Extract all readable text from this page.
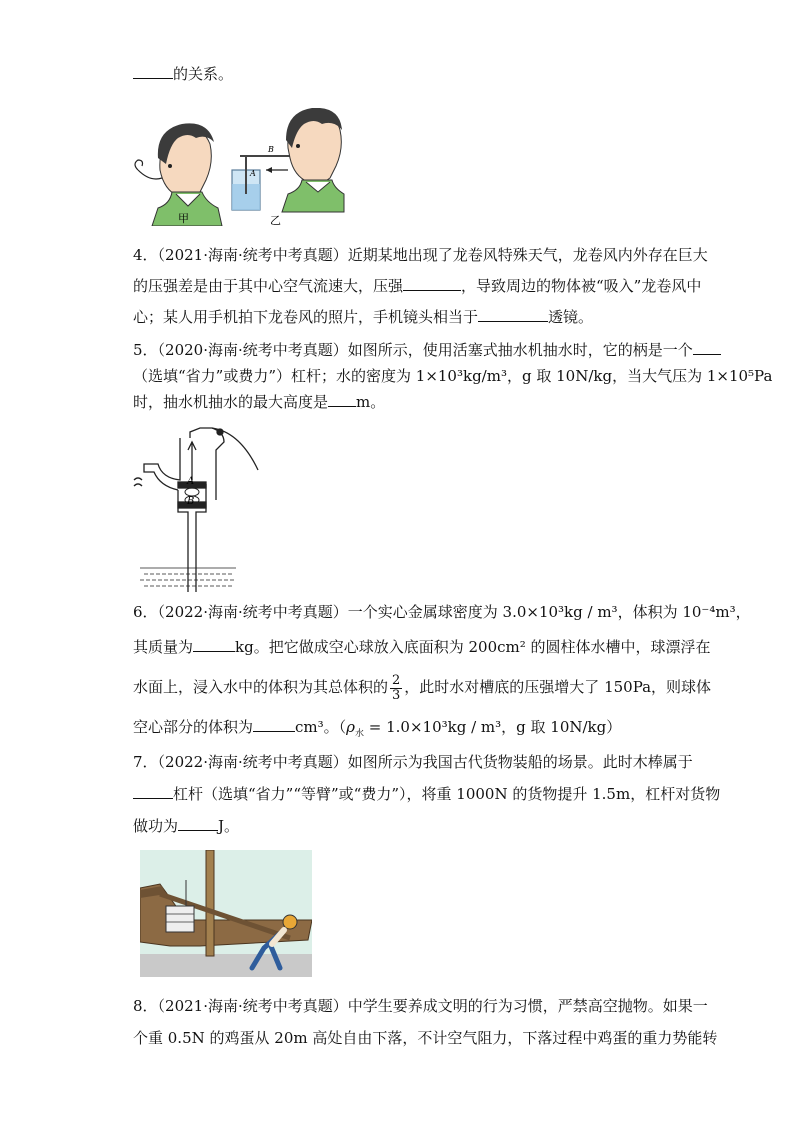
的关系。
A
B
甲	乙
4．（2021·海南·统考中考真题）近期某地出现了龙卷风特殊天气，龙卷风内外存在巨大
的压强差是由于其中心空气流速大，压强	，导致周边的物体被“吸入”龙卷风中
心；某人用手机拍下龙卷风的照片，手机镜头相当于	透镜。
5．（2020·海南·统考中考真题）如图所示，使用活塞式抽水机抽水时，它的柄是一个
（选填“省力”或费力”）杠杆；水的密度为 1×10³kg/m³，g 取 10N/kg，当大气压为 1×10⁵Pa
时，抽水机抽水的最大高度是 m。
A
B
6．（2022·海南·统考中考真题）一个实心金属球密度为 3.0×10³kg / m³，体积为 10⁻⁴m³，
其质量为	kg。把它做成空心球放入底面积为 200cm² 的圆柱体水槽中，球漂浮在
水面上，浸入水中的体积为其总体积的 $\frac{2}{3}$ ，此时水对槽底的压强增大了 150Pa，则球体
空心部分的体积为	cm³。（$\rho_水 = 1.0\times 10^3kg / m^3$，g 取 10N/kg）
7．（2022·海南·统考中考真题）如图所示为我国古代货物装船的场景。此时木棒属于
杠杆（选填“省力”“等臂”或“费力”），将重 1000N 的货物提升 1.5m，杠杆对货物
做功为	J。
8．（2021·海南·统考中考真题）中学生要养成文明的行为习惯，严禁高空抛物。如果一
个重 0.5N 的鸡蛋从 20m 高处自由下落，不计空气阻力，下落过程中鸡蛋的重力势能转
